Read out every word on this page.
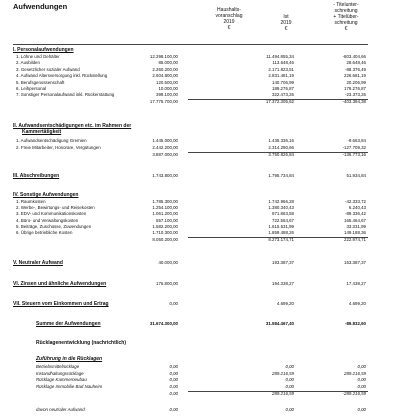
Aufwendungen	Haushalts-
voranschlag
2019
€
Ist
2019
€
- Titelunter-
schreitung
+ Titelüber-
schreitung
€
I. Personalaufwendungen
1. Löhne und Gehälter	12.298.100,00	11.494.855,34	-803.404,66
2. Ausbilden	85.000,00	113.648,46	28.648,46
3. Gesetzlicher sozialer Aufwand	2.260.200,00	2.171.823,51	-88.376,49
4. Aufwand Altersversorgung inkl. Rückstellung	2.604.800,00	2.831.481,19	226.681,19
5. Berufsgenossenschaft	120.500,00	140.706,99	20.206,99
6. Leihpersonal	10.000,00	189.276,87	179.276,87
7. Sonstiger Personalaufwand inkl. Rückerstattung	399.100,00	322.473,26	-23.373,26
17.775.700,00	17.372.305,62	-403.394,38
II. Aufwandsentschädigungen etc. im Rahmen der
Kammertätigkeit
1. Aufwandsentschädigung Gremien	1.445.000,00	1.435.336,16	-9.663,84
2. Freie Mitarbeiter, Honorare, Vergütungen	2.442.200,00	2.314.290,66	-127.709,32
3.887.000,00	3.750.826,84	-136.773,16
III. Abschreibungen	1.743.800,00	1.795.734,84	51.934,84
IV. Sonstige Aufwendungen
1. Raumkosten	1.785.300,00	1.742.966,28	-42.333,72
2. Werbe-, Bewirtungs- und Reisekosten	1.254.100,00	1.380.340,43	6.240,43
3. EDV- und Kommunikationskosten	1.061.200,00	971.863,58	-89.336,42
4. Büro- und Verwaltungskosten	557.100,00	722.564,67	165.464,67
5. Beiträge, Zuschüsse, Zuwendungen	1.582.200,00	1.615.531,99	33.331,99
6. Übrige betriebliche Kosten	1.710.300,00	1.859.488,26	149.188,36
8.050.200,00	8.273.174,71	222.974,71
V. Neutraler Aufwand	40.000,00	193.387,37	153.387,37
VI. Zinsen und ähnliche Aufwendungen	176.800,00	194.338,27	17.438,27
VII. Steuern vom Einkommen und Ertrag	0,00	4.699,20	4.699,20
Summe der Aufwendungen	31.674.300,00	31.584.467,40	-89.832,60
Rücklagenentwicklung (nachrichtlich)
Zuführung in die Rücklagen
Betriebsmittelrücklage	0,00	0,00	0,00
Instandhaltungsrücklage	0,00	289.216,59	289.216,59
Rücklage Kammerneubau	0,00	0,00	0,00
Rücklage Immobilie Bad Nauheim	0,00	0,00	0,00
0,00	289.216,59	-289.216,59
davon neutraler Aufwand	0,00	0,00	0,00
